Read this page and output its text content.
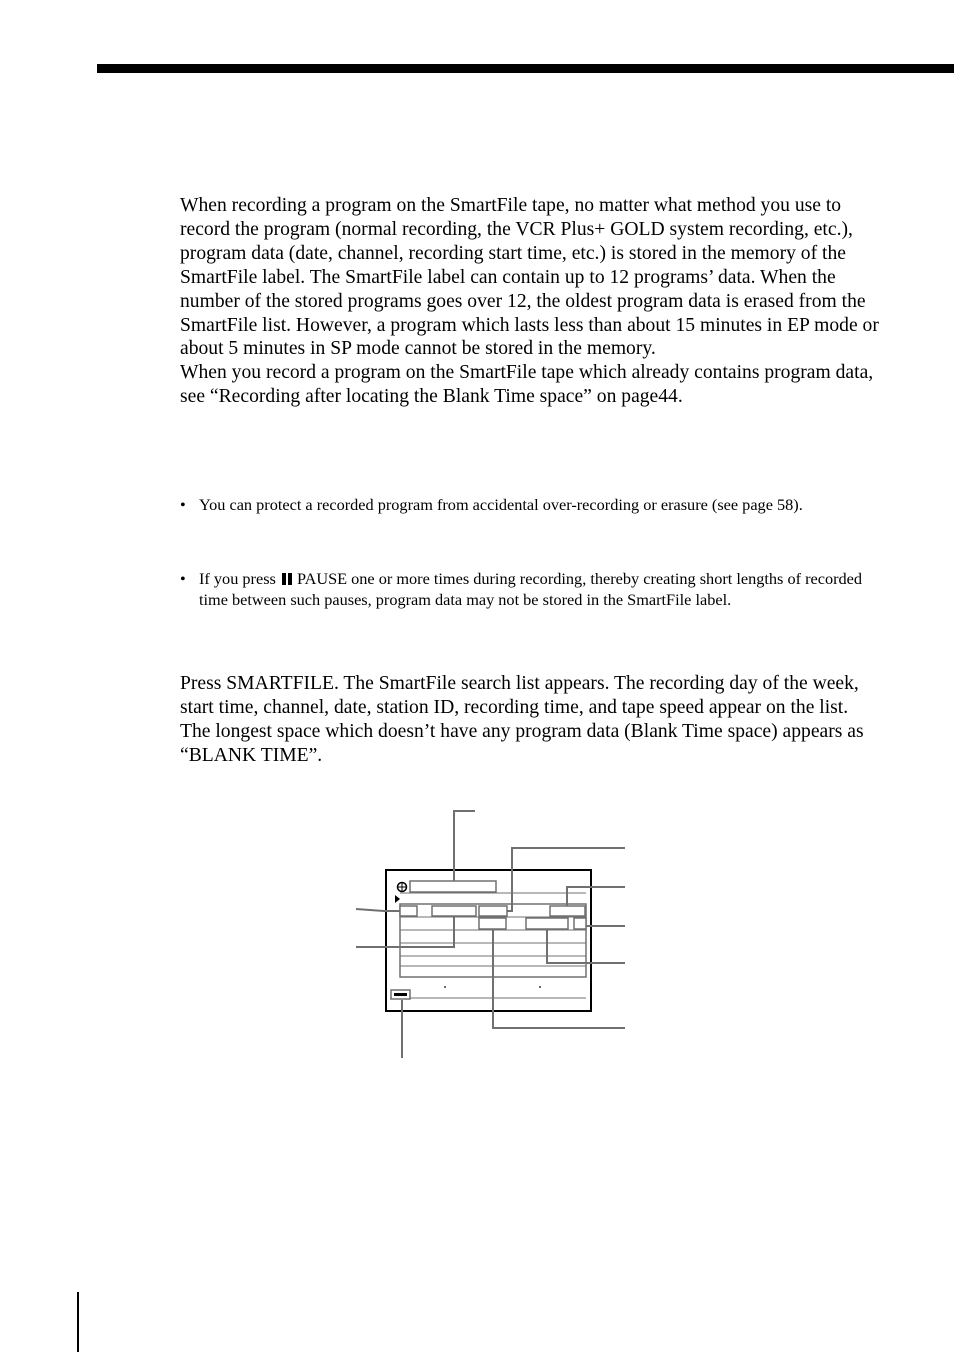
When recording a program on the SmartFile tape, no matter what method you use to record the program (normal recording, the VCR Plus+ GOLD system recording, etc.), program data (date, channel, recording start time, etc.) is stored in the memory of the SmartFile label. The SmartFile label can contain up to 12 programs’ data. When the number of the stored programs goes over 12, the oldest program data is erased from the SmartFile list. However, a program which lasts less than about 15 minutes in EP mode or about 5 minutes in SP mode cannot be stored in the memory.
When you record a program on the SmartFile tape which already contains program data, see “Recording after locating the Blank Time space” on page44.

• You can protect a recorded program from accidental over-recording or erasure (see page 58).

• If you press  PAUSE one or more times during recording, thereby creating short lengths of recorded time between such pauses, program data may not be stored in the SmartFile label.

Press SMARTFILE. The SmartFile search list appears. The recording day of the week, start time, channel, date, station ID, recording time, and tape speed appear on the list. The longest space which doesn’t have any program data (Blank Time space) appears as “BLANK TIME”.
